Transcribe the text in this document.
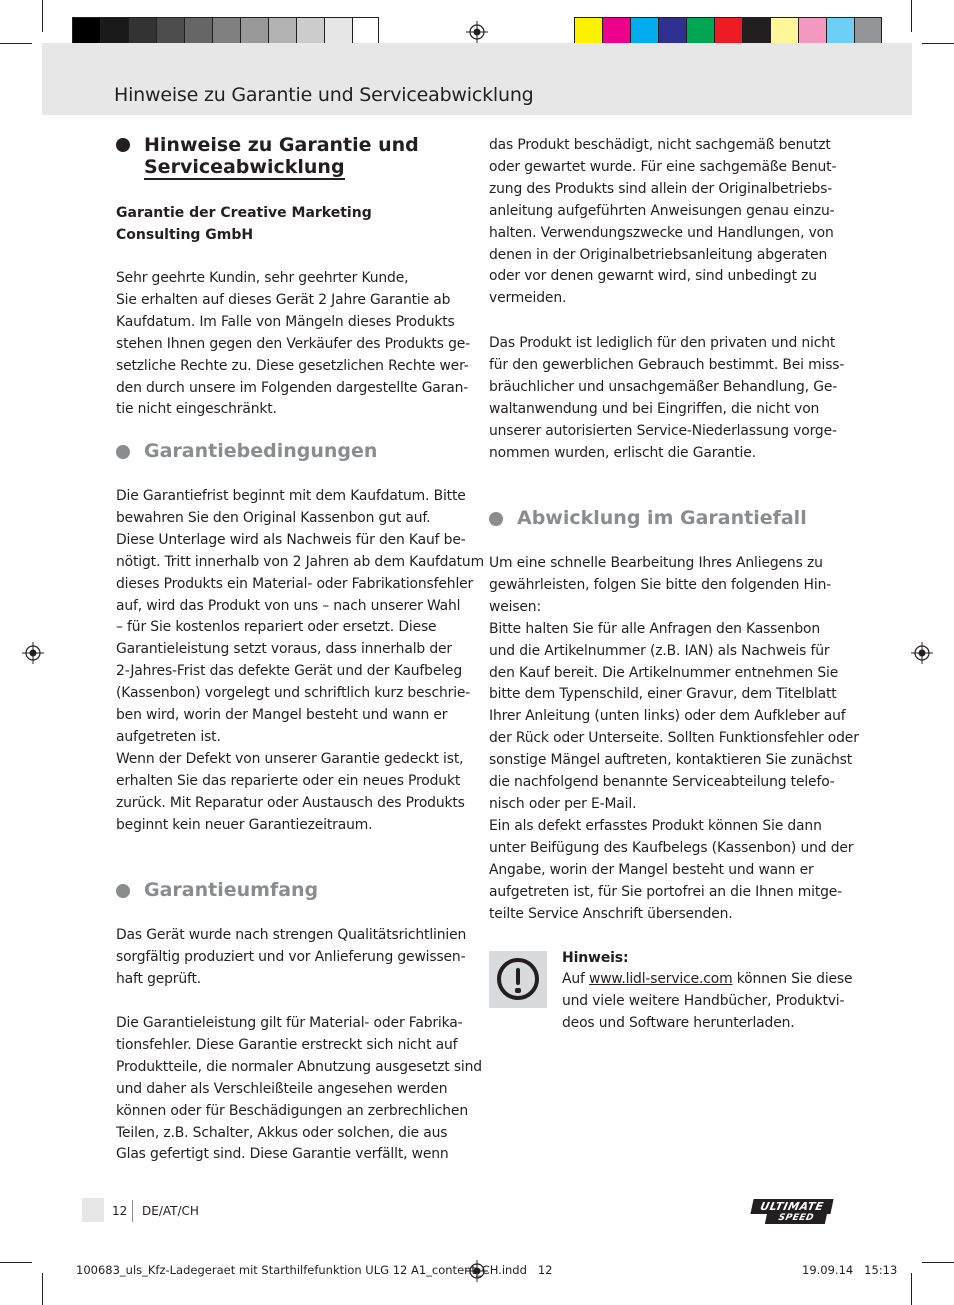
Hinweise zu Garantie und Serviceabwicklung
Hinweise zu Garantie und
Serviceabwicklung
Garantie der Creative Marketing
Consulting GmbH

Sehr geehrte Kundin, sehr geehrter Kunde,

Sie erhalten auf dieses Gerät 2 Jahre Garantie ab

Kaufdatum. Im Falle von Mängeln dieses Produkts

stehen Ihnen gegen den Verkäufer des Produkts ge-

setzliche Rechte zu. Diese gesetzlichen Rechte wer-

den durch unsere im Folgenden dargestellte Garan-

tie nicht eingeschränkt.

Garantiebedingungen

Die Garantiefrist beginnt mit dem Kaufdatum. Bitte

bewahren Sie den Original Kassenbon gut auf.

Diese Unterlage wird als Nachweis für den Kauf be-

nötigt. Tritt innerhalb von 2 Jahren ab dem Kaufdatum

dieses Produkts ein Material- oder Fabrikationsfehler

auf, wird das Produkt von uns – nach unserer Wahl

– für Sie kostenlos repariert oder ersetzt. Diese

Garantieleistung setzt voraus, dass innerhalb der

2-Jahres-Frist das defekte Gerät und der Kaufbeleg

(Kassenbon) vorgelegt und schriftlich kurz beschrie-

ben wird, worin der Mangel besteht und wann er

aufgetreten ist.

Wenn der Defekt von unserer Garantie gedeckt ist,

erhalten Sie das reparierte oder ein neues Produkt

zurück. Mit Reparatur oder Austausch des Produkts

beginnt kein neuer Garantiezeitraum.

Garantieumfang

Das Gerät wurde nach strengen Qualitätsrichtlinien

sorgfältig produziert und vor Anlieferung gewissen-

haft geprüft.

Die Garantieleistung gilt für Material- oder Fabrika-

tionsfehler. Diese Garantie erstreckt sich nicht auf

Produktteile, die normaler Abnutzung ausgesetzt sind

und daher als Verschleißteile angesehen werden

können oder für Beschädigungen an zerbrechlichen

Teilen, z.B. Schalter, Akkus oder solchen, die aus

Glas gefertigt sind. Diese Garantie verfällt, wenn

das Produkt beschädigt, nicht sachgemäß benutzt

oder gewartet wurde. Für eine sachgemäße Benut-

zung des Produkts sind allein der Originalbetriebs-

anleitung aufgeführten Anweisungen genau einzu-

halten. Verwendungszwecke und Handlungen, von

denen in der Originalbetriebsanleitung abgeraten

oder vor denen gewarnt wird, sind unbedingt zu

vermeiden.

Das Produkt ist lediglich für den privaten und nicht

für den gewerblichen Gebrauch bestimmt. Bei miss-

bräuchlicher und unsachgemäßer Behandlung, Ge-

waltanwendung und bei Eingriffen, die nicht von

unserer autorisierten Service-Niederlassung vorge-

nommen wurden, erlischt die Garantie.

Abwicklung im Garantiefall

Um eine schnelle Bearbeitung Ihres Anliegens zu

gewährleisten, folgen Sie bitte den folgenden Hin-

weisen:

Bitte halten Sie für alle Anfragen den Kassenbon

und die Artikelnummer (z.B. IAN) als Nachweis für

den Kauf bereit. Die Artikelnummer entnehmen Sie

bitte dem Typenschild, einer Gravur, dem Titelblatt

Ihrer Anleitung (unten links) oder dem Aufkleber auf

der Rück oder Unterseite. Sollten Funktionsfehler oder

sonstige Mängel auftreten, kontaktieren Sie zunächst

die nachfolgend benannte Serviceabteilung telefo-

nisch oder per E-Mail.

Ein als defekt erfasstes Produkt können Sie dann

unter Beifügung des Kaufbelegs (Kassenbon) und der

Angabe, worin der Mangel besteht und wann er

aufgetreten ist, für Sie portofrei an die Ihnen mitge-

teilte Service Anschrift übersenden.

Hinweis:

Auf www.lidl-service.com können Sie diese

und viele weitere Handbücher, Produktvi-

deos und Software herunterladen.

12 DE/AT/CH	ULTIMATE
SPEED
100683_uls_Kfz-Ladegeraet mit Starthilfefunktion ULG 12 A1_content_CH.indd   12	19.09.14   15:13
